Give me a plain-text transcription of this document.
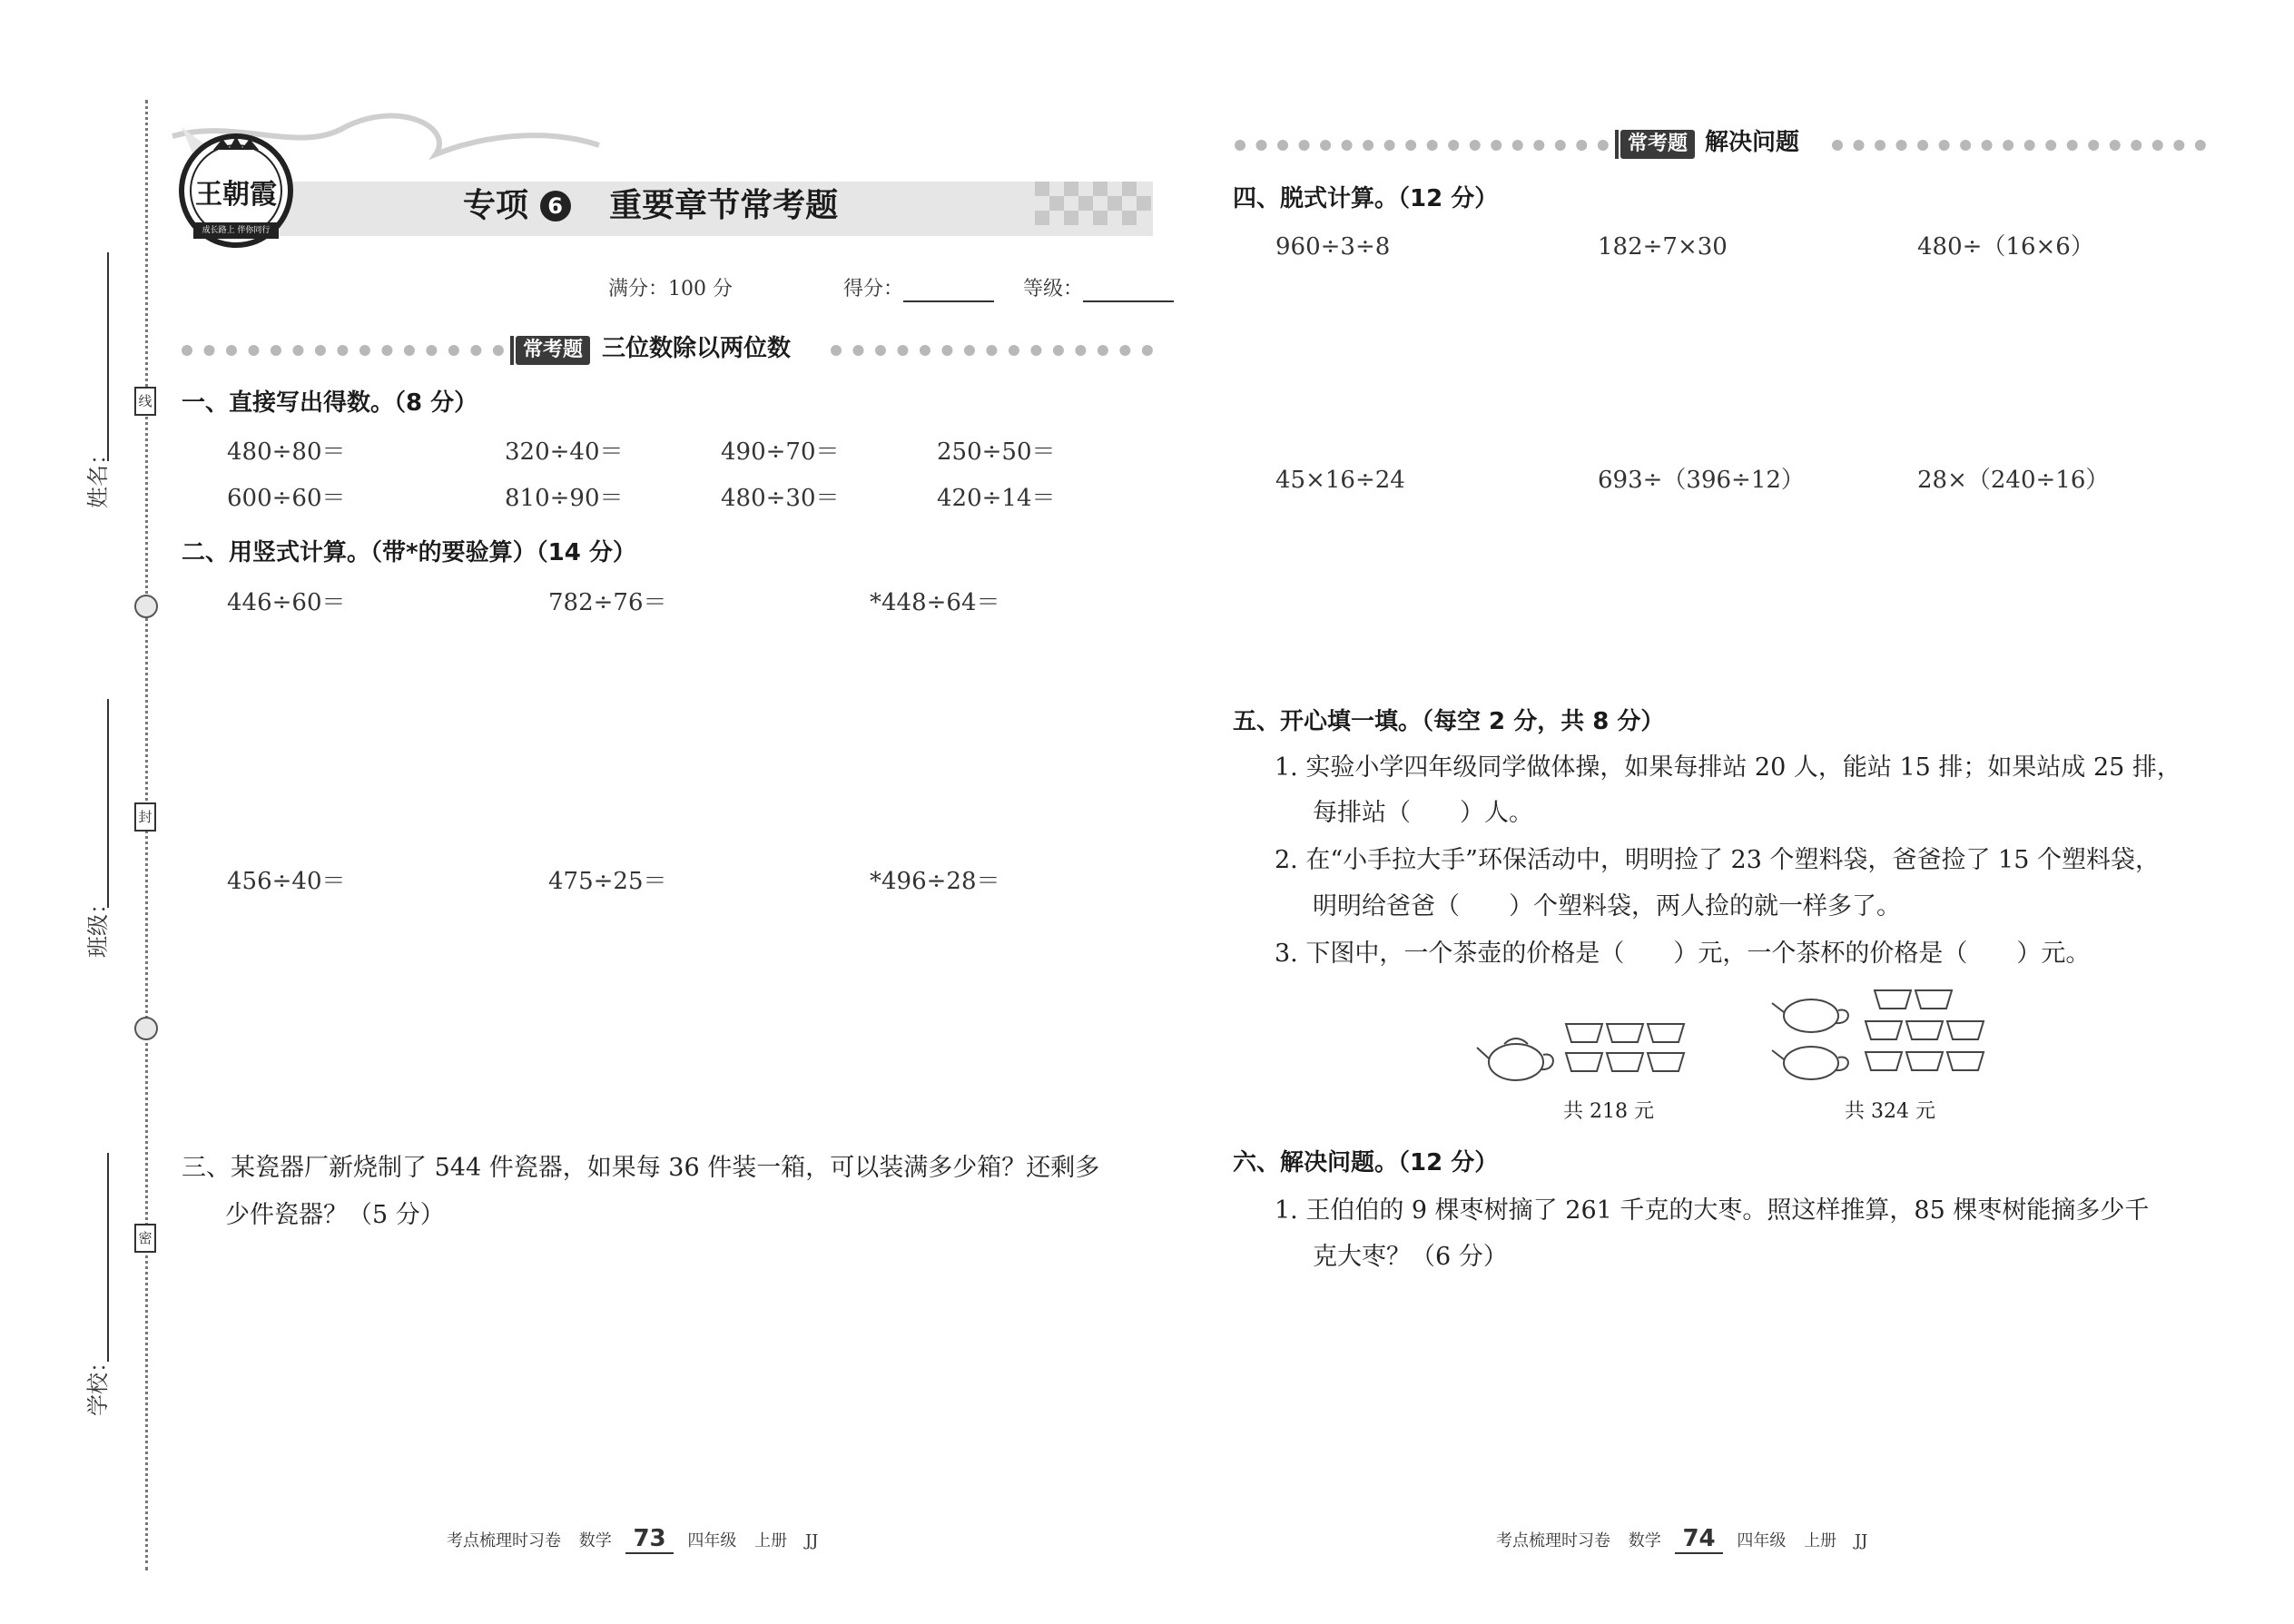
姓名：
班级：
学校：
线
封
密
王朝霞
成长路上 伴你同行
专项 6 重要章节常考题
满分：100 分	得分：	等级：
常考题 三位数除以两位数
一、直接写出得数。（8 分）
480÷80＝	320÷40＝	490÷70＝	250÷50＝
600÷60＝	810÷90＝	480÷30＝	420÷14＝
二、用竖式计算。（带*的要验算）（14 分）
446÷60＝	782÷76＝	*448÷64＝
456÷40＝	475÷25＝	*496÷28＝
三、某瓷器厂新烧制了 544 件瓷器，如果每 36 件装一箱，可以装满多少箱？还剩多
少件瓷器？（5 分）
考点梳理时习卷 数学 73 四年级 上册 JJ
常考题 解决问题
四、脱式计算。（12 分）
960÷3÷8	182÷7×30	480÷（16×6）
45×16÷24	693÷（396÷12）	28×（240÷16）
五、开心填一填。（每空 2 分，共 8 分）
1. 实验小学四年级同学做体操，如果每排站 20 人，能站 15 排；如果站成 25 排，
每排站（　　）人。
2. 在“小手拉大手”环保活动中，明明捡了 23 个塑料袋，爸爸捡了 15 个塑料袋，
明明给爸爸（　　）个塑料袋，两人捡的就一样多了。
3. 下图中，一个茶壶的价格是（　　）元，一个茶杯的价格是（　　）元。
共 218 元	共 324 元
六、解决问题。（12 分）
1. 王伯伯的 9 棵枣树摘了 261 千克的大枣。照这样推算，85 棵枣树能摘多少千
克大枣？（6 分）
考点梳理时习卷 数学 74 四年级 上册 JJ
